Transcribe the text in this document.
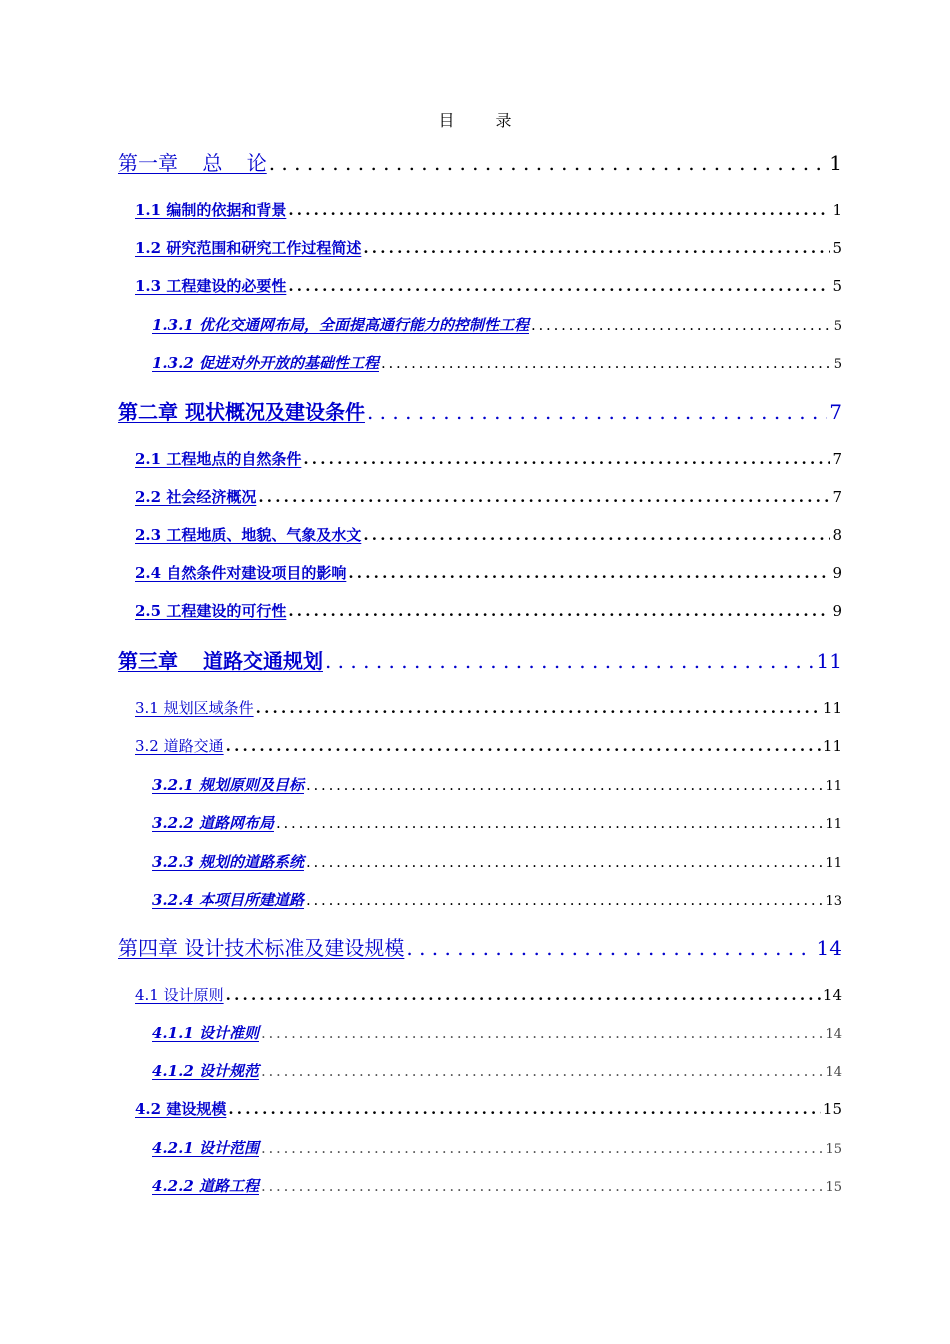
目 录
第一章 总 论 . . .	1
1.1 编制的依据和背景 . . .	1
1.2 研究范围和研究工作过程简述 . . .	5
1.3 工程建设的必要性 . . .	5
1.3.1 优化交通网布局，全面提高通行能力的控制性工程 . . .	5
1.3.2 促进对外开放的基础性工程 . . .	5
第二章 现状概况及建设条件 . . .	7
2.1 工程地点的自然条件 . . .	7
2.2 社会经济概况 . . .	7
2.3 工程地质、地貌、气象及水文 . . .	8
2.4 自然条件对建设项目的影响 . . .	9
2.5 工程建设的可行性 . . .	9
第三章 道路交通规划 . . .	11
3.1 规划区域条件 . . .	11
3.2 道路交通 . . .	11
3.2.1 规划原则及目标 . . .	11
3.2.2 道路网布局 . . .	11
3.2.3 规划的道路系统 . . .	11
3.2.4 本项目所建道路 . . .	13
第四章 设计技术标准及建设规模 . . .	14
4.1 设计原则 . . .	14
4.1.1 设计准则 . . .	14
4.1.2 设计规范 . . .	14
4.2 建设规模 . . .	15
4.2.1 设计范围 . . .	15
4.2.2 道路工程 . . .	15
